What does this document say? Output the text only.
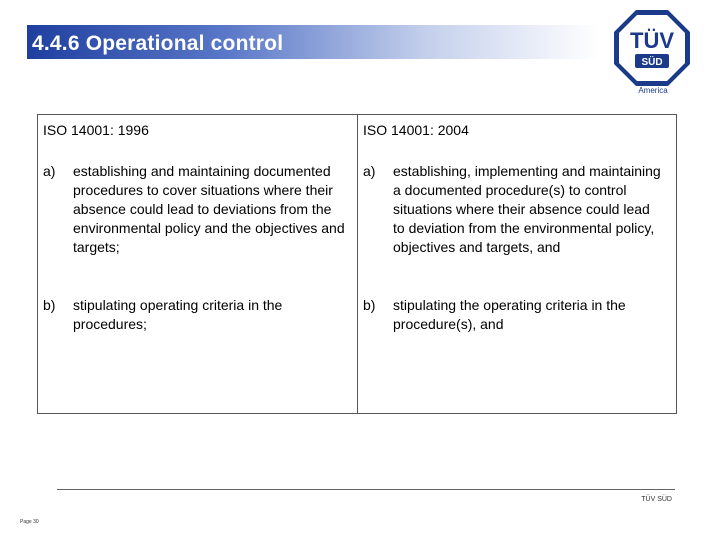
4.4.6 Operational control	TÜV
SÜD
America
ISO 14001: 1996
a) establishing and maintaining documented procedures to cover situations where their absence could lead to deviations from the environmental policy and the objectives and targets;
b) stipulating operating criteria in the procedures;
ISO 14001: 2004
a) establishing, implementing and maintaining a documented procedure(s) to control situations where their absence could lead to deviation from the environmental policy, objectives and targets, and
b) stipulating the operating criteria in the procedure(s), and
TÜV SÜD
Page 30
